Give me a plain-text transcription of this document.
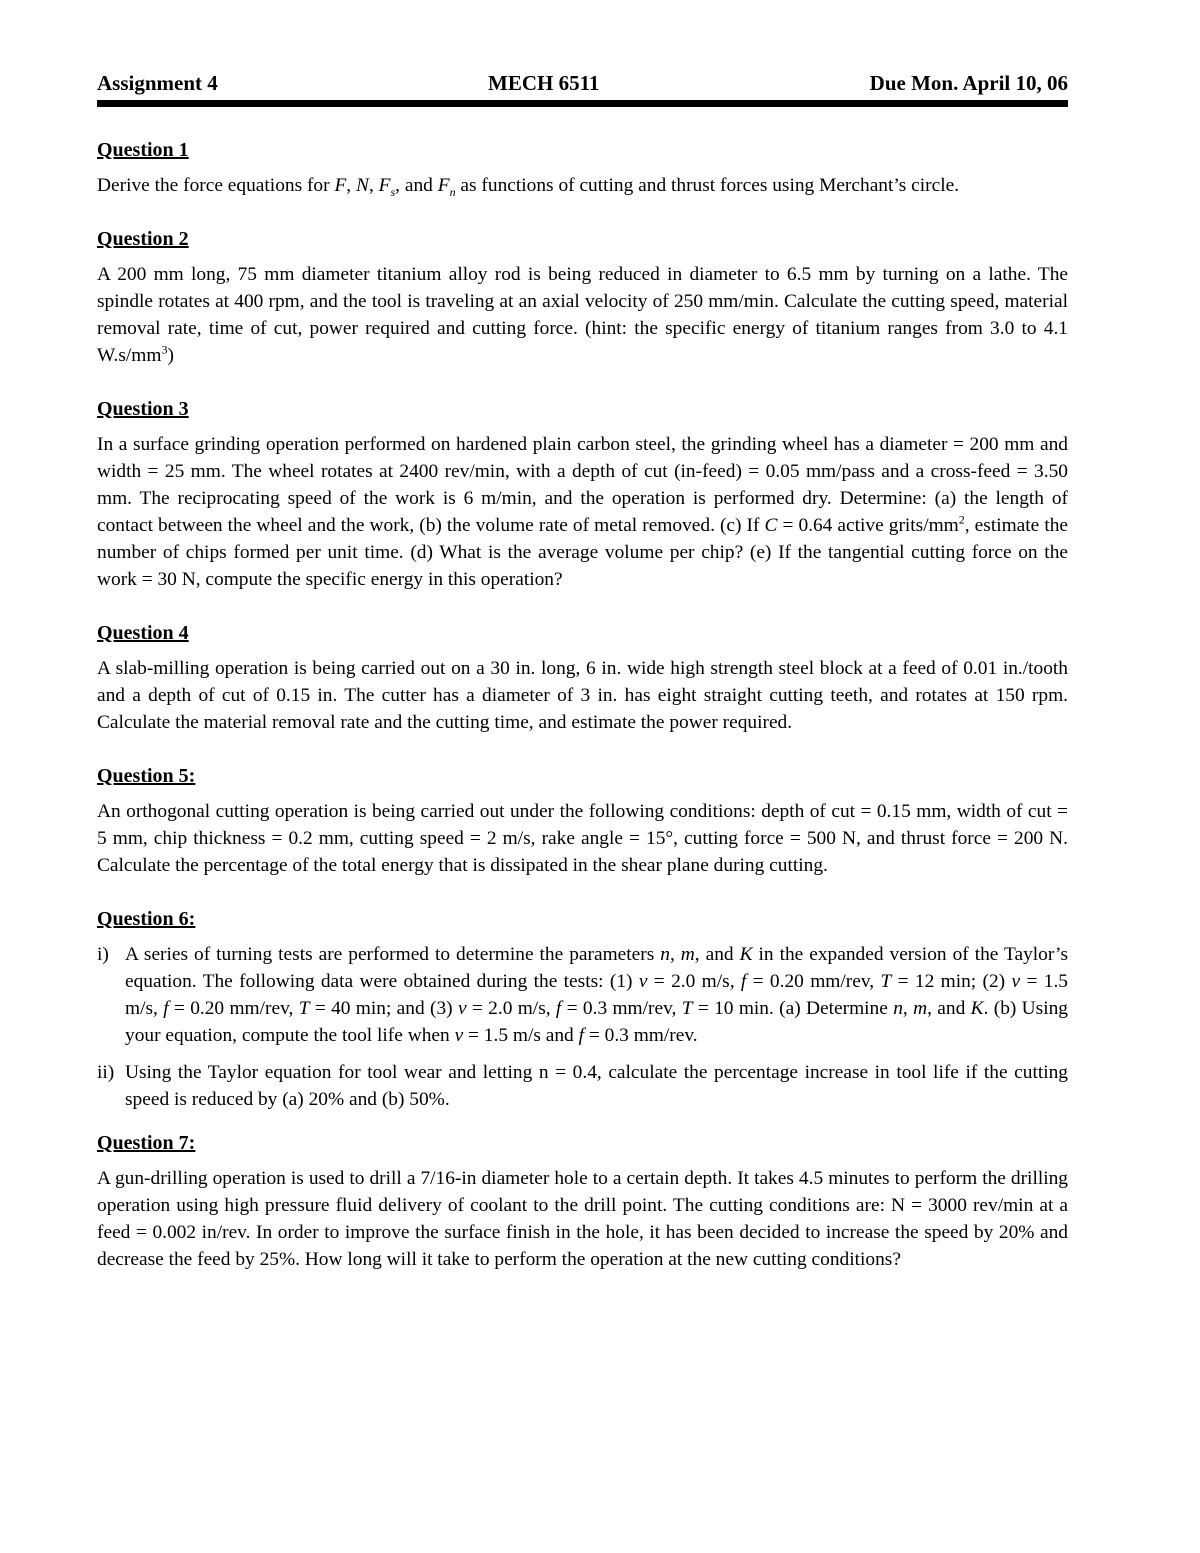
Assignment 4	MECH 6511	Due Mon. April 10, 06
Question 1
Derive the force equations for F, N, $F_s$, and $F_n$ as functions of cutting and thrust forces using Merchant’s circle.
Question 2
A 200 mm long, 75 mm diameter titanium alloy rod is being reduced in diameter to 6.5 mm by turning on a lathe. The spindle rotates at 400 rpm, and the tool is traveling at an axial velocity of 250 mm/min. Calculate the cutting speed, material removal rate, time of cut, power required and cutting force. (hint: the specific energy of titanium ranges from 3.0 to 4.1 $W.s/mm^3$)
Question 3
In a surface grinding operation performed on hardened plain carbon steel, the grinding wheel has a diameter = 200 mm and width = 25 mm. The wheel rotates at 2400 rev/min, with a depth of cut (in-feed) = 0.05 mm/pass and a cross-feed = 3.50 mm. The reciprocating speed of the work is 6 m/min, and the operation is performed dry. Determine: (a) the length of contact between the wheel and the work, (b) the volume rate of metal removed. (c) If C = 0.64 active grits/$mm^2$, estimate the number of chips formed per unit time. (d) What is the average volume per chip? (e) If the tangential cutting force on the work = 30 N, compute the specific energy in this operation?
Question 4
A slab-milling operation is being carried out on a 30 in. long, 6 in. wide high strength steel block at a feed of 0.01 in./tooth and a depth of cut of 0.15 in. The cutter has a diameter of 3 in. has eight straight cutting teeth, and rotates at 150 rpm. Calculate the material removal rate and the cutting time, and estimate the power required.
Question 5:
An orthogonal cutting operation is being carried out under the following conditions: depth of cut = 0.15 mm, width of cut = 5 mm, chip thickness = 0.2 mm, cutting speed = 2 m/s, rake angle = 15°, cutting force = 500 N, and thrust force = 200 N. Calculate the percentage of the total energy that is dissipated in the shear plane during cutting.
Question 6:
i) A series of turning tests are performed to determine the parameters n, m, and K in the expanded version of the Taylor’s equation. The following data were obtained during the tests: (1) v = 2.0 m/s, f = 0.20 mm/rev, T = 12 min; (2) v = 1.5 m/s, f = 0.20 mm/rev, T = 40 min; and (3) v = 2.0 m/s, f = 0.3 mm/rev, T = 10 min. (a) Determine n, m, and K. (b) Using your equation, compute the tool life when v = 1.5 m/s and f = 0.3 mm/rev.
ii) Using the Taylor equation for tool wear and letting n = 0.4, calculate the percentage increase in tool life if the cutting speed is reduced by (a) 20% and (b) 50%.
Question 7:
A gun-drilling operation is used to drill a 7/16-in diameter hole to a certain depth. It takes 4.5 minutes to perform the drilling operation using high pressure fluid delivery of coolant to the drill point. The cutting conditions are: N = 3000 rev/min at a feed = 0.002 in/rev. In order to improve the surface finish in the hole, it has been decided to increase the speed by 20% and decrease the feed by 25%. How long will it take to perform the operation at the new cutting conditions?
